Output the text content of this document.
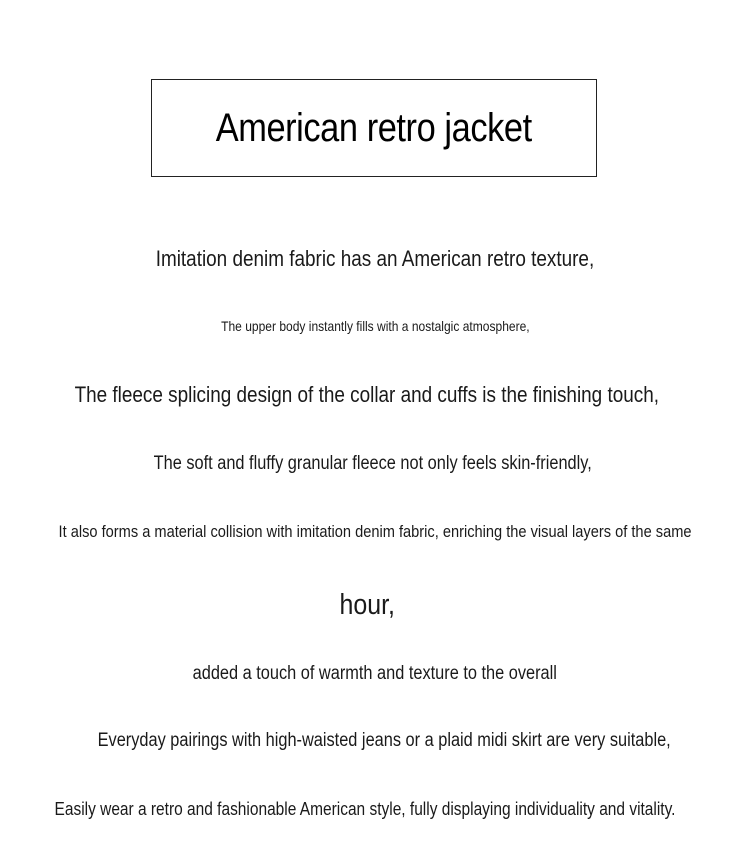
American retro jacket

Imitation denim fabric has an American retro texture,

The upper body instantly fills with a nostalgic atmosphere,

The fleece splicing design of the collar and cuffs is the finishing touch,

The soft and fluffy granular fleece not only feels skin-friendly,

It also forms a material collision with imitation denim fabric, enriching the visual layers of the same

hour,

added a touch of warmth and texture to the overall

Everyday pairings with high-waisted jeans or a plaid midi skirt are very suitable,

Easily wear a retro and fashionable American style, fully displaying individuality and vitality.
